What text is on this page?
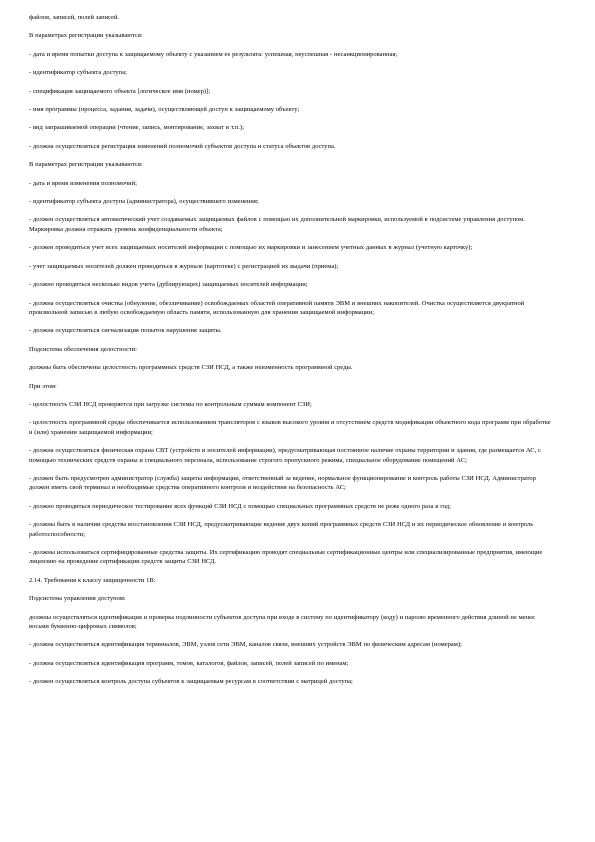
файлов, записей, полей записей.

В параметрах регистрации указываются:

- дата и время попытки доступа к защищаемому объекту с указанием ее результата: успешная, неуспешная - несанкционированная;

- идентификатор субъекта доступа;

- спецификация защищаемого объекта [логическое имя (номер)];

- имя программы (процесса, задания, задачи), осуществляющей доступ к защищаемому объекту;

- вид запрашиваемой операции (чтение, запись, монтирование, захват и т.п.);

- должна осуществляться регистрация изменений полномочий субъектов доступа и статуса объектов доступа.

В параметрах регистрации указываются:

- дата и время изменения полномочий;

- идентификатор субъекта доступа (администратора), осуществившего изменения;

- должен осуществляться автоматический учет создаваемых защищаемых файлов с помощью их дополнительной маркировки, используемой в подсистеме управления доступом. Маркировка должна отражать уровень конфиденциальности объекта;

- должен проводиться учет всех защищаемых носителей информации с помощью их маркировки и занесением учетных данных в журнал (учетную карточку);

- учет защищаемых носителей должен проводиться в журнале (картотеке) с регистрацией их выдачи (приема);

- должно проводиться несколько видов учета (дублирующих) защищаемых носителей информации;

- должна осуществляться очистка (обнуление, обезличивание) освобождаемых областей оперативной памяти ЭВМ и внешних накопителей. Очистка осуществляется двукратной произвольной записью в любую освобождаемую область памяти, использованную для хранения защищаемой информации;

- должна осуществляться сигнализация попыток нарушения защиты.

Подсистема обеспечения целостности:

должны быть обеспечены целостность программных средств СЗИ НСД, а также неизменность программной среды.

При этом:

- целостность СЗИ НСД проверяется при загрузке системы по контрольным суммам компонент СЗИ;

- целостность программной среды обеспечивается использованием трансляторов с языков высокого уровня и отсутствием средств модификации объектного кода программ при обработке и (или) хранении защищаемой информации;

- должна осуществляться физическая охрана СВТ (устройств и носителей информации), предусматривающая постоянное наличие охраны территории и здания, где размещается АС, с помощью технических средств охраны и специального персонала, использование строгого пропускного режима, специальное оборудование помещений АС;

- должен быть предусмотрен администратор (служба) защиты информации, ответственный за ведение, нормальное функционирование и контроль работы СЗИ НСД. Администратор должен иметь свой терминал и необходимые средства оперативного контроля и воздействия на безопасность АС;

- должно проводиться периодическое тестирование всех функций СЗИ НСД с помощью специальных программных средств не реже одного раза в год;

- должны быть в наличии средства восстановления СЗИ НСД, предусматривающие ведение двух копий программных средств СЗИ НСД и их периодическое обновление и контроль работоспособности;

- должны использоваться сертифицированные средства защиты. Их сертификацию проводят специальные сертификационные центры или специализированные предприятия, имеющие лицензию на проведение сертификации средств защиты СЗИ НСД.

2.14. Требования к классу защищенности 1В:

Подсистема управления доступом:

должны осуществляться идентификация и проверка подлинности субъектов доступа при входе в систему по идентификатору (коду) и паролю временного действия длиной не менее восьми буквенно-цифровых символов;

- должна осуществляться идентификация терминалов, ЭВМ, узлов сети ЭВМ, каналов связи, внешних устройств ЭВМ по физическим адресам (номерам);

- должна осуществляться идентификация программ, томов, каталогов, файлов, записей, полей записей по именам;

- должен осуществляться контроль доступа субъектов к защищаемым ресурсам в соответствии с матрицей доступа;
